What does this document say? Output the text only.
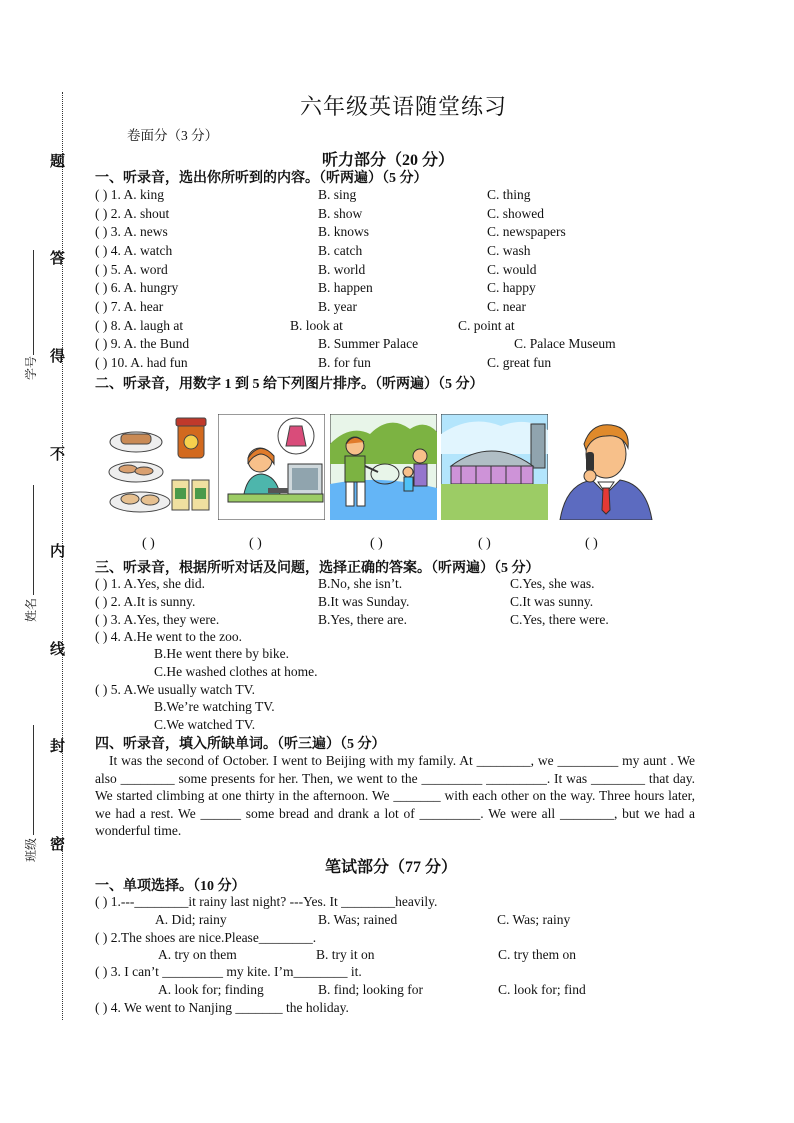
题
答
得
不
内
线
封
密
学号
姓名
班级
六年级英语随堂练习
卷面分（3 分）
听力部分（20 分）
一、听录音，选出你所听到的内容。（听两遍）（5 分）
( ) 1. A. king	B. sing	C. thing
( ) 2. A. shout	B. show	C. showed
( ) 3. A. news	B. knows	C. newspapers
( ) 4. A. watch	B. catch	C. wash
( ) 5. A. word	B. world	C. would
( ) 6. A. hungry	B. happen	C. happy
( ) 7. A. hear	B. year	C. near
( ) 8. A. laugh at	B. look at	C. point at
( ) 9. A. the Bund	B. Summer Palace	C. Palace Museum
( ) 10. A. had fun	B. for fun	C. great fun
二、听录音，用数字 1 到 5 给下列图片排序。（听两遍）（5 分）
( )	( )	( )	( )	( )
三、听录音，根据所听对话及问题，选择正确的答案。（听两遍）（5 分）
( ) 1. A.Yes, she did.	B.No, she isn’t.	C.Yes, she was.
( ) 2. A.It is sunny.	B.It was Sunday.	C.It was sunny.
( ) 3. A.Yes, they were.	B.Yes, there are.	C.Yes, there were.
( ) 4. A.He went to the zoo.
B.He went there by bike.
C.He washed clothes at home.
( ) 5. A.We usually watch TV.
B.We’re watching TV.
C.We watched TV.
四、听录音，填入所缺单词。（听三遍）（5 分）
It was the second of October. I went to Beijing with my family. At ________, we _________ my aunt . We also ________ some presents for her. Then, we went to the _________ _________. It was ________ that day. We started climbing at one thirty in the afternoon. We _______ with each other on the way. Three hours later, we had a rest. We ______ some bread and drank a lot of _________. We were all ________, but we had a wonderful time.
笔试部分（77 分）
一、单项选择。（10 分）
( ) 1.---________it rainy last night? ---Yes. It ________heavily.
A. Did; rainy	B. Was; rained	C. Was; rainy
( ) 2.The shoes are nice.Please________.
A. try on them	B. try it on	C. try them on
( ) 3. I can’t _________ my kite. I’m________ it.
A. look for; finding	B. find; looking for	C. look for; find
( ) 4. We went to Nanjing _______ the holiday.
